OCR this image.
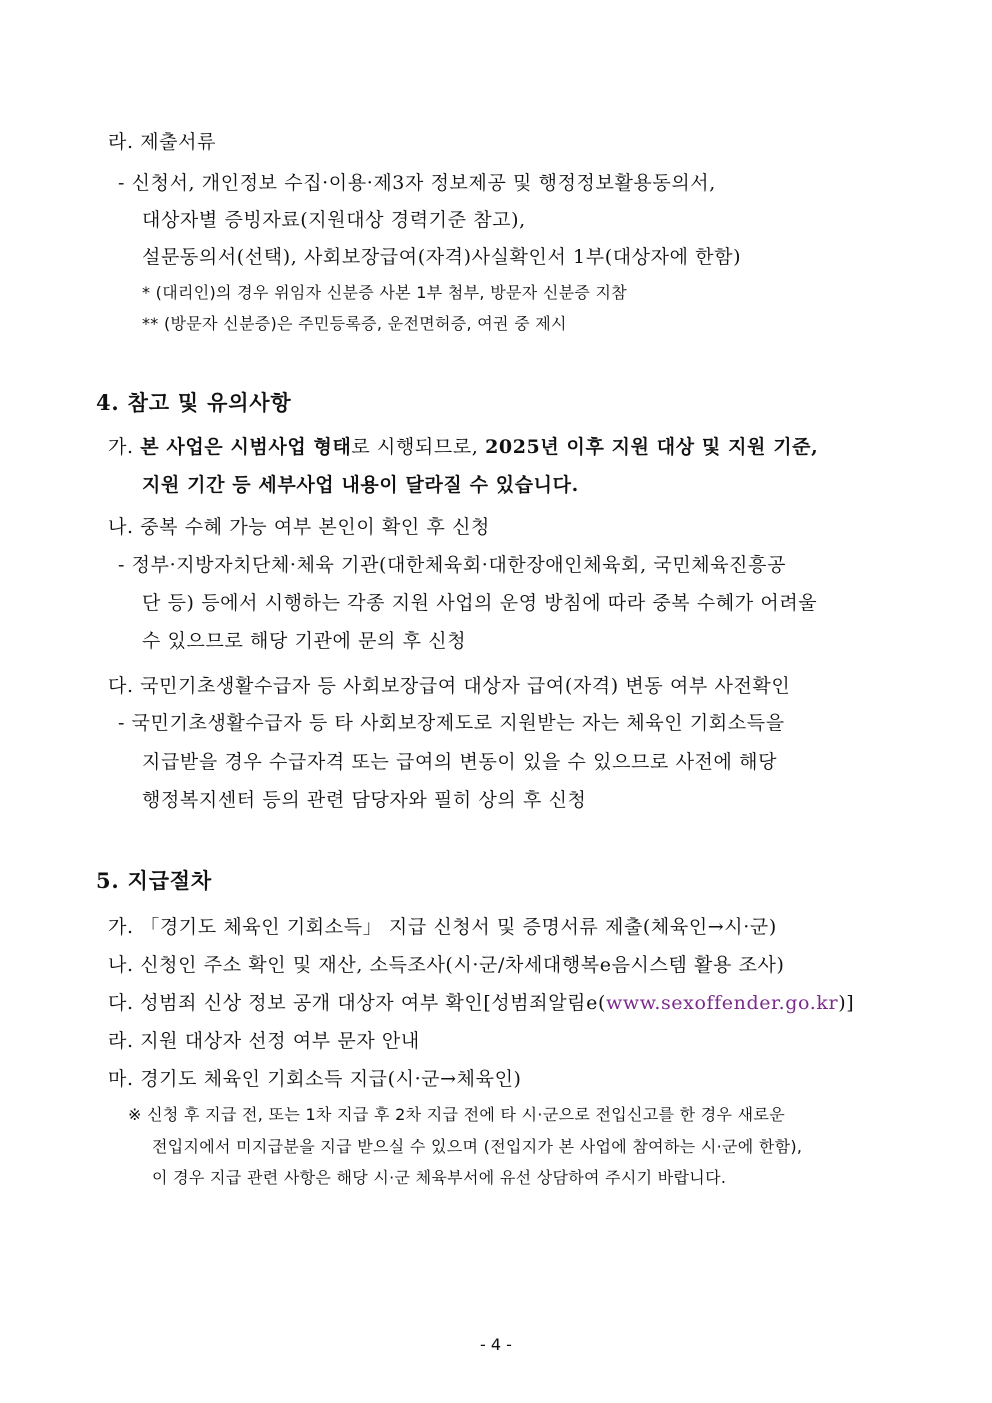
라. 제출서류
- 신청서, 개인정보 수집·이용·제3자 정보제공 및 행정정보활용동의서,
대상자별 증빙자료(지원대상 경력기준 참고),
설문동의서(선택), 사회보장급여(자격)사실확인서 1부(대상자에 한함)
* (대리인)의 경우 위임자 신분증 사본 1부 첨부, 방문자 신분증 지참
** (방문자 신분증)은 주민등록증, 운전면허증, 여권 중 제시
4. 참고 및 유의사항
가. 본 사업은 시범사업 형태로 시행되므로, 2025년 이후 지원 대상 및 지원 기준,
지원 기간 등 세부사업 내용이 달라질 수 있습니다.
나. 중복 수혜 가능 여부 본인이 확인 후 신청
- 정부·지방자치단체·체육 기관(대한체육회·대한장애인체육회, 국민체육진흥공
단 등) 등에서 시행하는 각종 지원 사업의 운영 방침에 따라 중복 수혜가 어려울
수 있으므로 해당 기관에 문의 후 신청
다. 국민기초생활수급자 등 사회보장급여 대상자 급여(자격) 변동 여부 사전확인
- 국민기초생활수급자 등 타 사회보장제도로 지원받는 자는 체육인 기회소득을
지급받을 경우 수급자격 또는 급여의 변동이 있을 수 있으므로 사전에 해당
행정복지센터 등의 관련 담당자와 필히 상의 후 신청
5. 지급절차
가. 「경기도 체육인 기회소득」 지급 신청서 및 증명서류 제출(체육인→시·군)
나. 신청인 주소 확인 및 재산, 소득조사(시·군/차세대행복e음시스템 활용 조사)
다. 성범죄 신상 정보 공개 대상자 여부 확인[성범죄알림e(www.sexoffender.go.kr)]
라. 지원 대상자 선정 여부 문자 안내
마. 경기도 체육인 기회소득 지급(시·군→체육인)
※ 신청 후 지급 전, 또는 1차 지급 후 2차 지급 전에 타 시·군으로 전입신고를 한 경우 새로운
전입지에서 미지급분을 지급 받으실 수 있으며 (전입지가 본 사업에 참여하는 시·군에 한함),
이 경우 지급 관련 사항은 해당 시·군 체육부서에 유선 상담하여 주시기 바랍니다.
- 4 -
